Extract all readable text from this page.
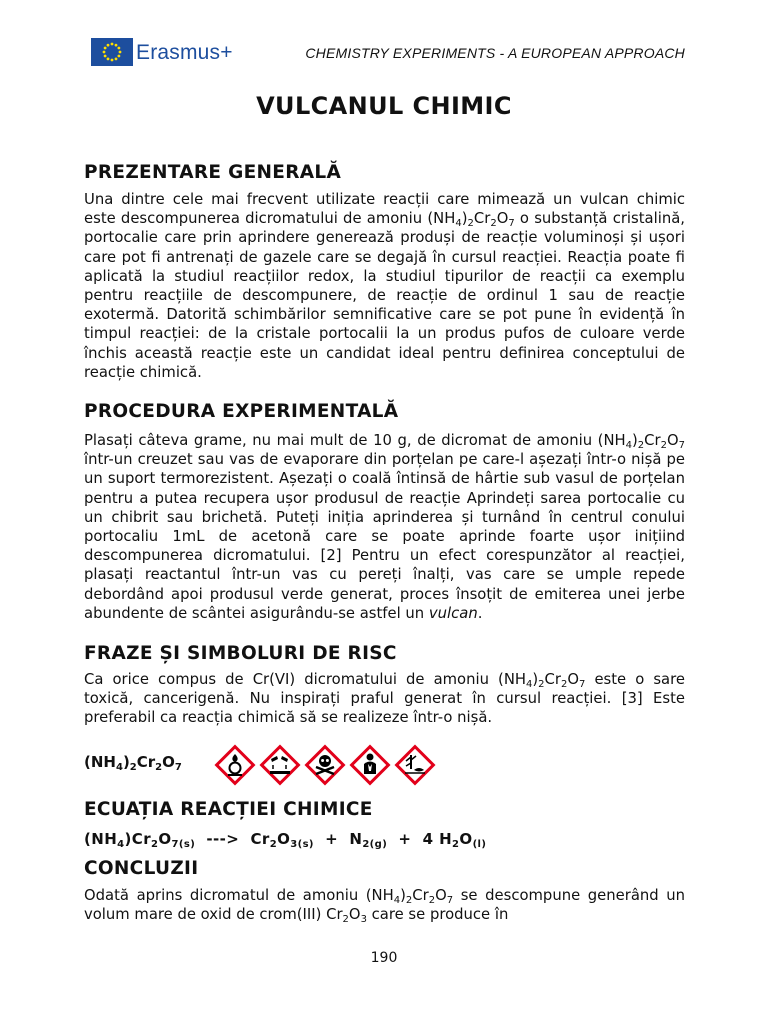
Erasmus+	CHEMISTRY EXPERIMENTS - A EUROPEAN APPROACH
VULCANUL CHIMIC
PREZENTARE GENERALĂ
Una dintre cele mai frecvent utilizate reacții care mimează un vulcan chimic este descompunerea dicromatului de amoniu $(NH_4)_2Cr_2O_7$ o substanță cristalină, portocalie care prin aprindere generează produși de reacție voluminoși și ușori care pot fi antrenați de gazele care se degajă în cursul reacției. Reacția poate fi aplicată la studiul reacțiilor redox, la studiul tipurilor de reacții ca exemplu pentru reacțiile de descompunere, de reacție de ordinul 1 sau de reacție exotermă. Datorită schimbărilor semnificative care se pot pune în evidență în timpul reacției: de la cristale portocalii la un produs pufos de culoare verde închis această reacție este un candidat ideal pentru definirea conceptului de reacție chimică.
PROCEDURA EXPERIMENTALĂ
Plasați câteva grame, nu mai mult de 10 g, de dicromat de amoniu $(NH_4)_2Cr_2O_7$ într-un creuzet sau vas de evaporare din porțelan pe care-l așezați într-o nișă pe un suport termorezistent. Așezați o coală întinsă de hârtie sub vasul de porțelan pentru a putea recupera ușor produsul de reacție Aprindeți sarea portocalie cu un chibrit sau brichetă. Puteți iniția aprinderea și turnând în centrul conului portocaliu 1mL de acetonă care se poate aprinde foarte ușor inițiind descompunerea dicromatului. [2] Pentru un efect corespunzător al reacției, plasați reactantul într-un vas cu pereți înalți, vas care se umple repede debordând apoi produsul verde generat, proces însoțit de emiterea unei jerbe abundente de scântei asigurându-se astfel un vulcan.
FRAZE ȘI SIMBOLURI DE RISC
Ca orice compus de Cr(VI) dicromatului de amoniu $(NH_4)_2Cr_2O_7$ este o sare toxică, cancerigenă. Nu inspirați praful generat în cursul reacției. [3] Este preferabil ca reacția chimică să se realizeze într-o nișă.
$(NH_4)_2Cr_2O_7$
ECUAȚIA REACȚIEI CHIMICE
$(NH_4)Cr_2O_{7(s)}$  --->  $Cr_2O_{3(s)} + N_{2(g)} + 4$ $H_2O_{(l)}$
CONCLUZII
Odată aprins dicromatul de amoniu $(NH_4)_2Cr_2O_7$ se descompune generând un volum mare de oxid de crom(III) $Cr_2O_3$ care se produce în
190
